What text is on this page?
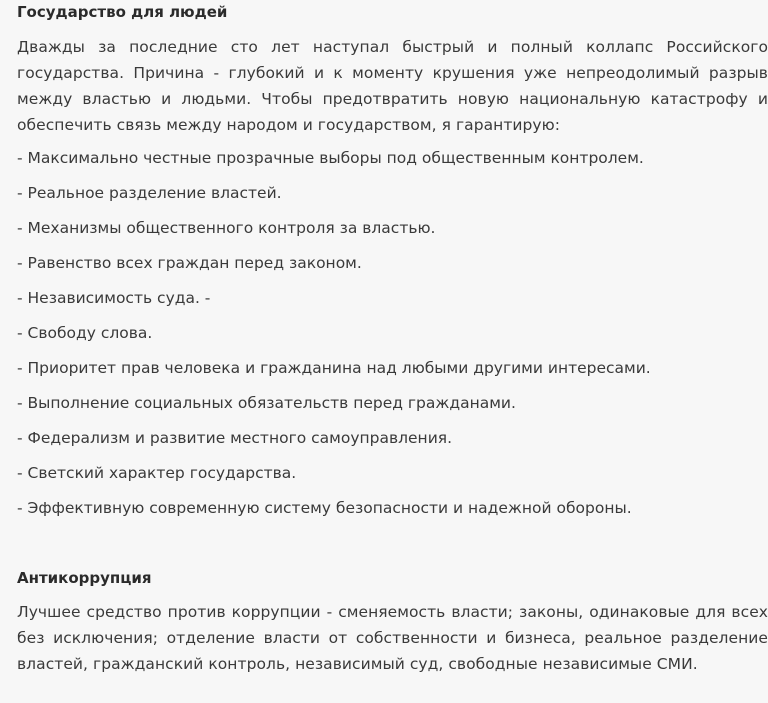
Государство для людей

Дважды за последние сто лет наступал быстрый и полный коллапс Российского государства. Причина - глубокий и к моменту крушения уже непреодолимый разрыв между властью и людьми. Чтобы предотвратить новую национальную катастрофу и обеспечить связь между народом и государством, я гарантирую:

- Максимально честные прозрачные выборы под общественным контролем.
- Реальное разделение властей.
- Механизмы общественного контроля за властью.
- Равенство всех граждан перед законом.
- Независимость суда. -
- Свободу слова.
- Приоритет прав человека и гражданина над любыми другими интересами.
- Выполнение социальных обязательств перед гражданами.
- Федерализм и развитие местного самоуправления.
- Светский характер государства.
- Эффективную современную систему безопасности и надежной обороны.
Антикоррупция

Лучшее средство против коррупции - сменяемость власти; законы, одинаковые для всех без исключения; отделение власти от собственности и бизнеса, реальное разделение властей, гражданский контроль, независимый суд, свободные независимые СМИ.
